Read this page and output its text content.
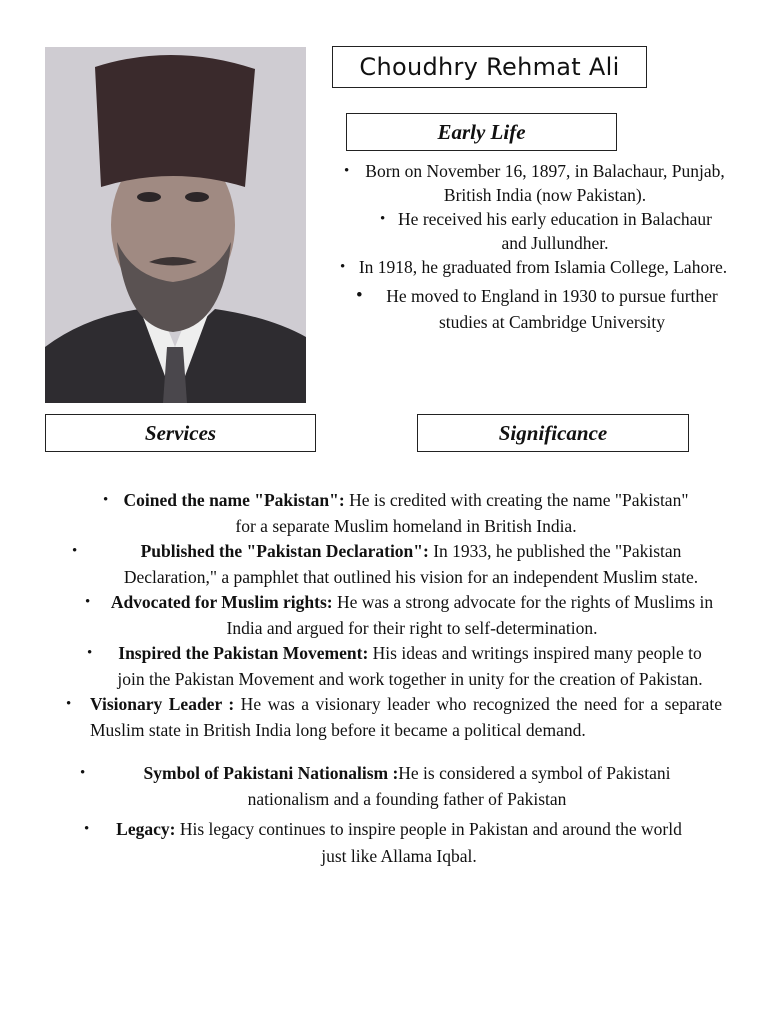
Choudhry Rehmat Ali
Early Life
• Born on November 16, 1897, in Balachaur, Punjab, British India (now Pakistan).
• He received his early education in Balachaur and Jullundher.
• In 1918, he graduated from Islamia College, Lahore.
• He moved to England in 1930 to pursue further studies at Cambridge University
Services	Significance
• Coined the name "Pakistan": He is credited with creating the name "Pakistan" for a separate Muslim homeland in British India.
•	Published the "Pakistan Declaration": In 1933, he published the "Pakistan Declaration," a pamphlet that outlined his vision for an independent Muslim state.
• Advocated for Muslim rights: He was a strong advocate for the rights of Muslims in India and argued for their right to self-determination.
• Inspired the Pakistan Movement: His ideas and writings inspired many people to join the Pakistan Movement and work together in unity for the creation of Pakistan.
• Visionary Leader : He was a visionary leader who recognized the need for a separate Muslim state in British India long before it became a political demand.
•	Symbol of Pakistani Nationalism :He is considered a symbol of Pakistani nationalism and a founding father of Pakistan
• Legacy: His legacy continues to inspire people in Pakistan and around the world just like Allama Iqbal.
